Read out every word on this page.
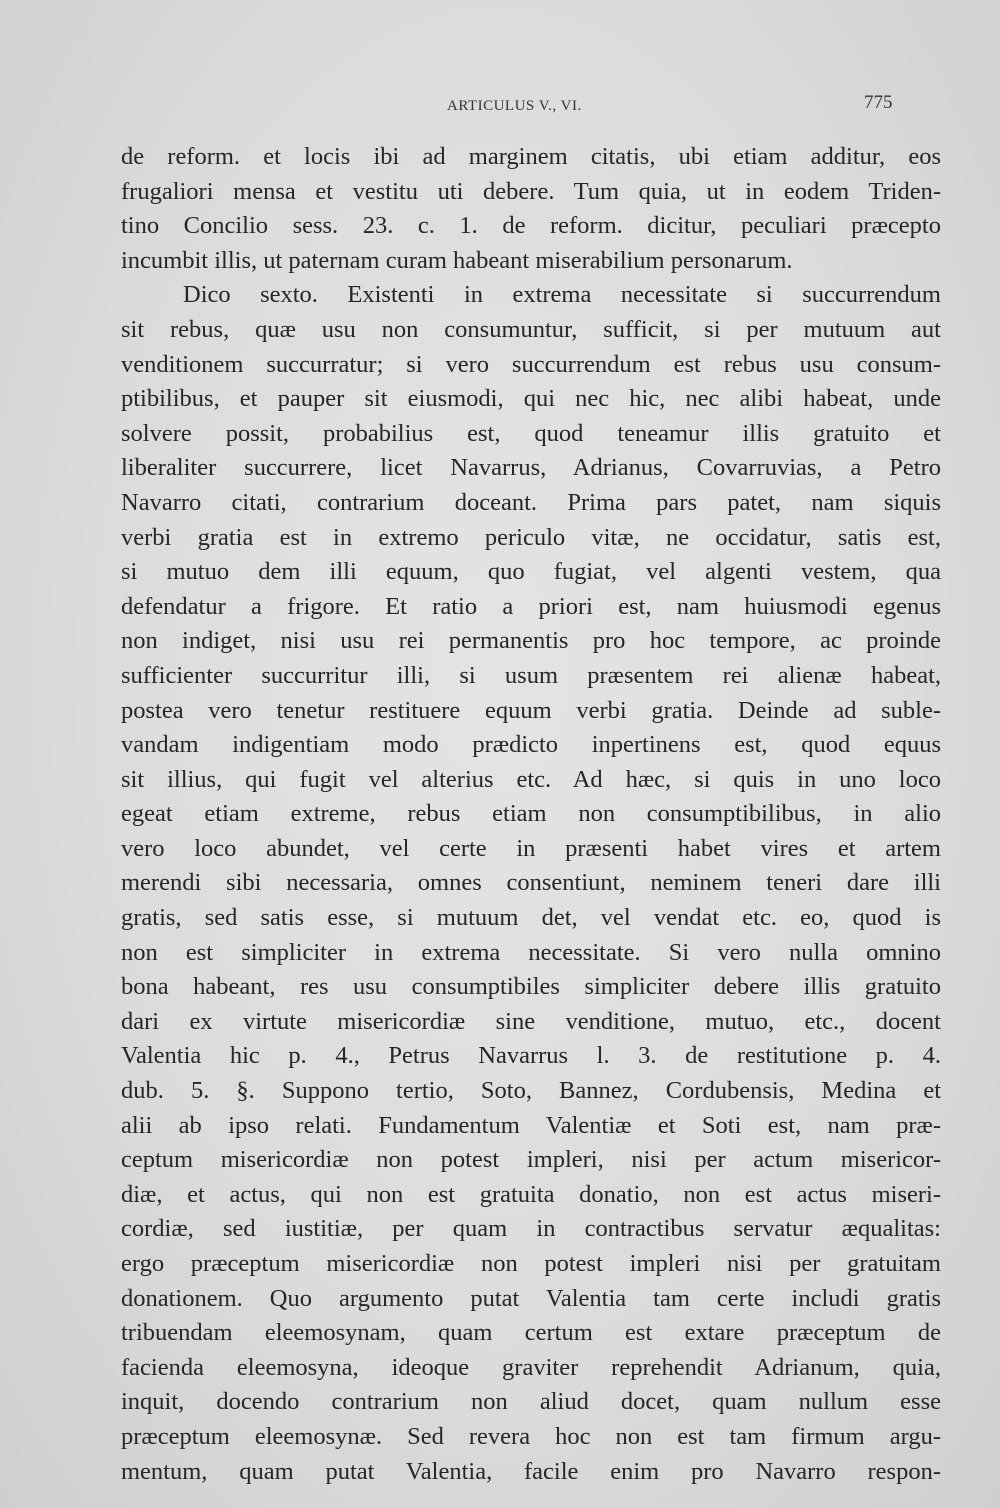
ARTICULUS V., VI.	775
de reform. et locis ibi ad marginem citatis, ubi etiam additur, eos
frugaliori mensa et vestitu uti debere. Tum quia, ut in eodem Triden-
tino Concilio sess. 23. c. 1. de reform. dicitur, peculiari præcepto
incumbit illis, ut paternam curam habeant miserabilium personarum.
Dico sexto. Existenti in extrema necessitate si succurrendum
sit rebus, quæ usu non consumuntur, sufficit, si per mutuum aut
venditionem succurratur; si vero succurrendum est rebus usu consum-
ptibilibus, et pauper sit eiusmodi, qui nec hic, nec alibi habeat, unde
solvere possit, probabilius est, quod teneamur illis gratuito et
liberaliter succurrere, licet Navarrus, Adrianus, Covarruvias, a Petro
Navarro citati, contrarium doceant. Prima pars patet, nam siquis
verbi gratia est in extremo periculo vitæ, ne occidatur, satis est,
si mutuo dem illi equum, quo fugiat, vel algenti vestem, qua
defendatur a frigore. Et ratio a priori est, nam huiusmodi egenus
non indiget, nisi usu rei permanentis pro hoc tempore, ac proinde
sufficienter succurritur illi, si usum præsentem rei alienæ habeat,
postea vero tenetur restituere equum verbi gratia. Deinde ad suble-
vandam indigentiam modo prædicto inpertinens est, quod equus
sit illius, qui fugit vel alterius etc. Ad hæc, si quis in uno loco
egeat etiam extreme, rebus etiam non consumptibilibus, in alio
vero loco abundet, vel certe in præsenti habet vires et artem
merendi sibi necessaria, omnes consentiunt, neminem teneri dare illi
gratis, sed satis esse, si mutuum det, vel vendat etc. eo, quod is
non est simpliciter in extrema necessitate. Si vero nulla omnino
bona habeant, res usu consumptibiles simpliciter debere illis gratuito
dari ex virtute misericordiæ sine venditione, mutuo, etc., docent
Valentia hic p. 4., Petrus Navarrus l. 3. de restitutione p. 4.
dub. 5. §. Suppono tertio, Soto, Bannez, Cordubensis, Medina et
alii ab ipso relati. Fundamentum Valentiæ et Soti est, nam præ-
ceptum misericordiæ non potest impleri, nisi per actum misericor-
diæ, et actus, qui non est gratuita donatio, non est actus miseri-
cordiæ, sed iustitiæ, per quam in contractibus servatur æqualitas:
ergo præceptum misericordiæ non potest impleri nisi per gratuitam
donationem. Quo argumento putat Valentia tam certe includi gratis
tribuendam eleemosynam, quam certum est extare præceptum de
facienda eleemosyna, ideoque graviter reprehendit Adrianum, quia,
inquit, docendo contrarium non aliud docet, quam nullum esse
præceptum eleemosynæ. Sed revera hoc non est tam firmum argu-
mentum, quam putat Valentia, facile enim pro Navarro respon-
